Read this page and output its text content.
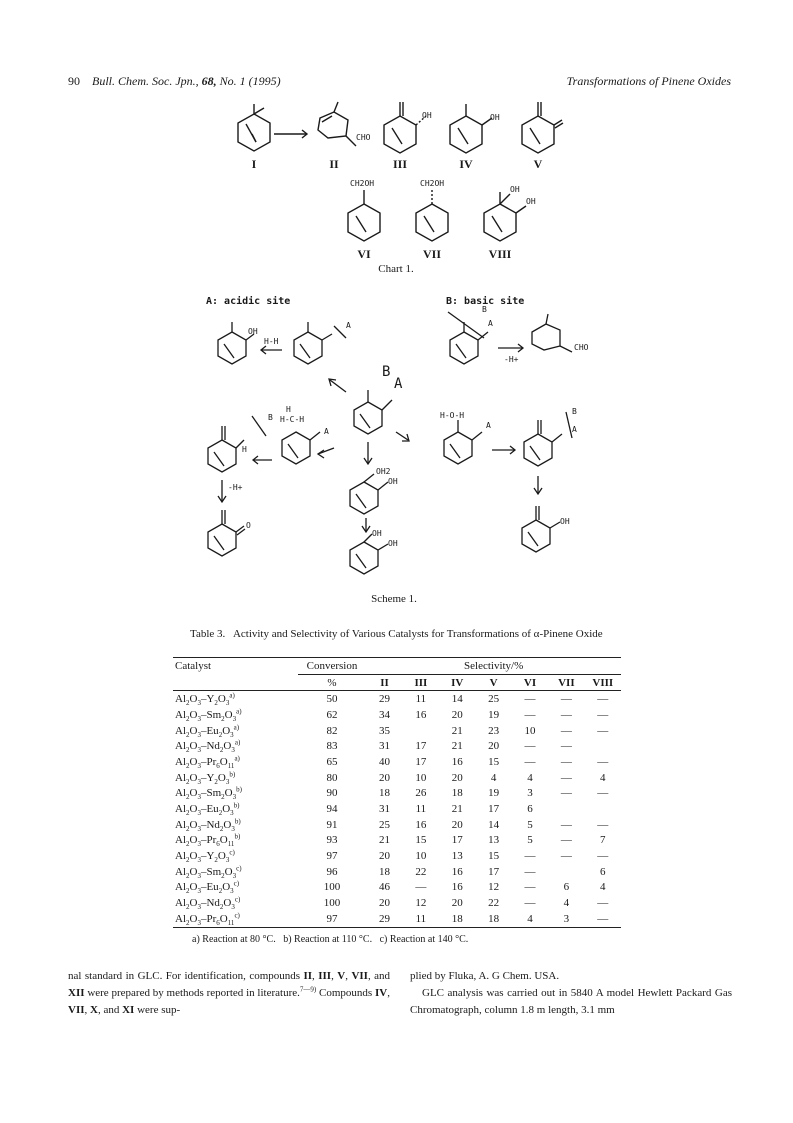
90 Bull. Chem. Soc. Jpn., 68, No. 1 (1995)	Transformations of Pinene Oxides
CHO
OH	OH
CH2OH	CH2OH
OH
OH
I	II	III	IV	V
VI	VII	VIII
Chart 1.
A: acidic site	B: basic site
OH
H-H
A
B
A
CHO
-H+
B
A
H-C-H
H
A
H
B	H-O-H
A
B
A
-H+
OH2
OH
OH
OH
O	OH
Scheme 1.
Table 3. Activity and Selectivity of Various Catalysts for Transformations of α-Pinene Oxide
Catalyst	Conversion	Selectivity/%						
	%	II	III	IV	V	VI	VII	VIII
$Al_2O_3-Y_2O_3^{a)}$	50	29	11	14	25	—	—	—
$Al_2O_3-Sm_2O_3^{a)}$	62	34	16	20	19	—	—	—
$Al_2O_3-Eu_2O_3^{a)}$	82	35		21	23	10	—	—
$Al_2O_3-Nd_2O_3^{a)}$	83	31	17	21	20	—	—	
$Al_2O_3-Pr_6O_{11}^{a)}$	65	40	17	16	15	—	—	—
$Al_2O_3-Y_2O_3^{b)}$	80	20	10	20	4	4	—	4
$Al_2O_3-Sm_2O_3^{b)}$	90	18	26	18	19	3	—	—
$Al_2O_3-Eu_2O_3^{b)}$	94	31	11	21	17	6		
$Al_2O_3-Nd_2O_3^{b)}$	91	25	16	20	14	5	—	—
$Al_2O_3-Pr_6O_{11}^{b)}$	93	21	15	17	13	5	—	7
$Al_2O_3-Y_2O_3^{c)}$	97	20	10	13	15	—	—	—
$Al_2O_3-Sm_2O_3^{c)}$	96	18	22	16	17	—		6
$Al_2O_3-Eu_2O_3^{c)}$	100	46	—	16	12	—	6	4
$Al_2O_3-Nd_2O_3^{c)}$	100	20	12	20	22	—	4	—
$Al_2O_3-Pr_6O_{11}^{c)}$	97	29	11	18	18	4	3	—
a) Reaction at 80 °C.   b) Reaction at 110 °C.   c) Reaction at 140 °C.
nal standard in GLC. For identification, compounds II, III, V, VII, and XII were prepared by methods reported in literature.$^{7—9)}$ Compounds IV, VII, X, and XI were sup-
plied by Fluka, A. G Chem. USA.
GLC analysis was carried out in 5840 A model Hewlett Packard Gas Chromatograph, column 1.8 m length, 3.1 mm
